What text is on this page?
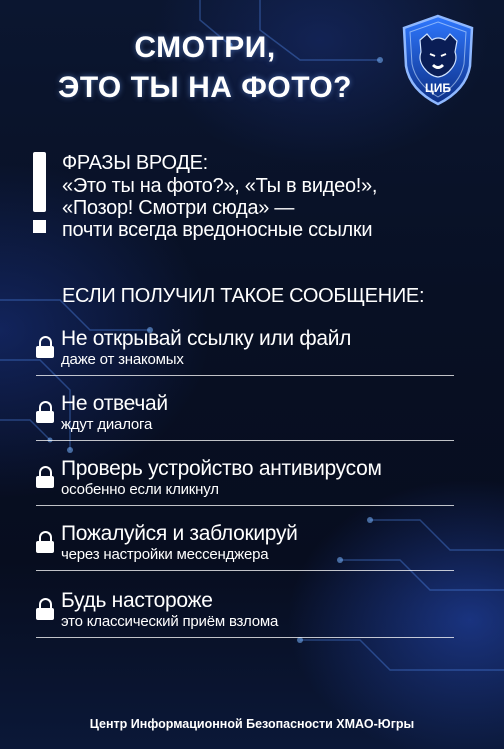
СМОТРИ,
ЭТО ТЫ НА ФОТО?	ЦИБ
ФРАЗЫ ВРОДЕ:
«Это ты на фото?», «Ты в видео!»,
«Позор! Смотри сюда» —
почти всегда вредоносные ссылки
ЕСЛИ ПОЛУЧИЛ ТАКОЕ СООБЩЕНИЕ:
Не открывай ссылку или файл
даже от знакомых
Не отвечай
ждут диалога
Проверь устройство антивирусом
особенно если кликнул
Пожалуйся и заблокируй
через настройки мессенджера
Будь настороже
это классический приём взлома
Центр Информационной Безопасности ХМАО-Югры
